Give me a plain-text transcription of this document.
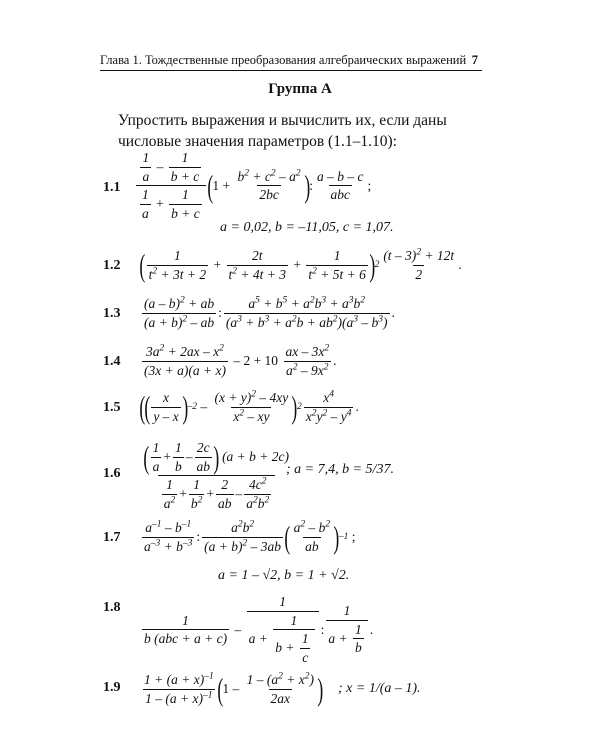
Глава 1. Тождественные преобразования алгебраических выражений 7
Группа А
Упростить выражения и вычислить их, если даны числовые значения параметров (1.1–1.10):
$1.1 \frac{\frac{1}{a} - \frac{1}{b + c}}{\frac{1}{a} + \frac{1}{b + c}}$ ( $1 + \frac{b^2 + c^2 - a^2}{2bc}$ ) : $\frac{a - b - c}{\text{abc}}$ ;
a = 0,02, b = –11,05, c = 1,07.
1.2 ( $\frac{1}{t^2 + 3t + 2} + \frac{2t}{t^2 + 4t + 3} + \frac{1}{t^2 + 5t + 6}$ ) $2 \frac{(t - 3)^2 + 12t}{2}$ .
$1.3 \frac{(a - b)^2 + ab}{(a + b)^2 - ab}$ : $\frac{a^5 + b^5 + a^2b^3 + a^3b^2}{(a^3 + b^3 + a^2b + ab^2)(a^3 - b^3)}$ .
$1.4 \frac{3a^2 + 2ax - x^2}{(3x + a)(a + x)} - 2 + 10 \frac{ax - 3x^2}{a^2 - 9x^2}$ .
1.5 (
( $\frac{x}{y - x}$ ) $-2 - \frac{(x + y)^2 - 4xy}{x^2 - xy}$ ) $2 \frac{x^4}{x^2y^2 - y^4}$ .
$1.6 \frac{( \frac{1}{a} + \frac{1}{b} - \frac{2c}{ab} ) (a + b + 2c)}{\frac{1}{a^2} + \frac{1}{b^2} + \frac{2}{ab} - \frac{4c^2}{a^2b^2}}$
; a = 7,4, b = 5/37.
$1.7 \frac{a^{-1} - b^{-1}}{a^{-3} + b^{-3}}$ : $\frac{a^2b^2}{(a + b)^2 - 3ab}$ ( $\frac{a^2 - b^2}{ab}$ ) –1 ;
a = 1 – √2, b = 1 + √2.
1.8
$\frac{1}{\text{b (abc + a + c)}} - \frac{1}{a + \frac{1}{b + \frac{1}{c}}}$ : $\frac{1}{a + \frac{1}{b}}$ .
$1.9 \frac{1 + (a + x)^{-1}}{1 - (a + x)^{-1}}$ ( $1 - \frac{1 - (a^2 + x^2)}{2ax}$ ) ; x = 1/(a – 1).
